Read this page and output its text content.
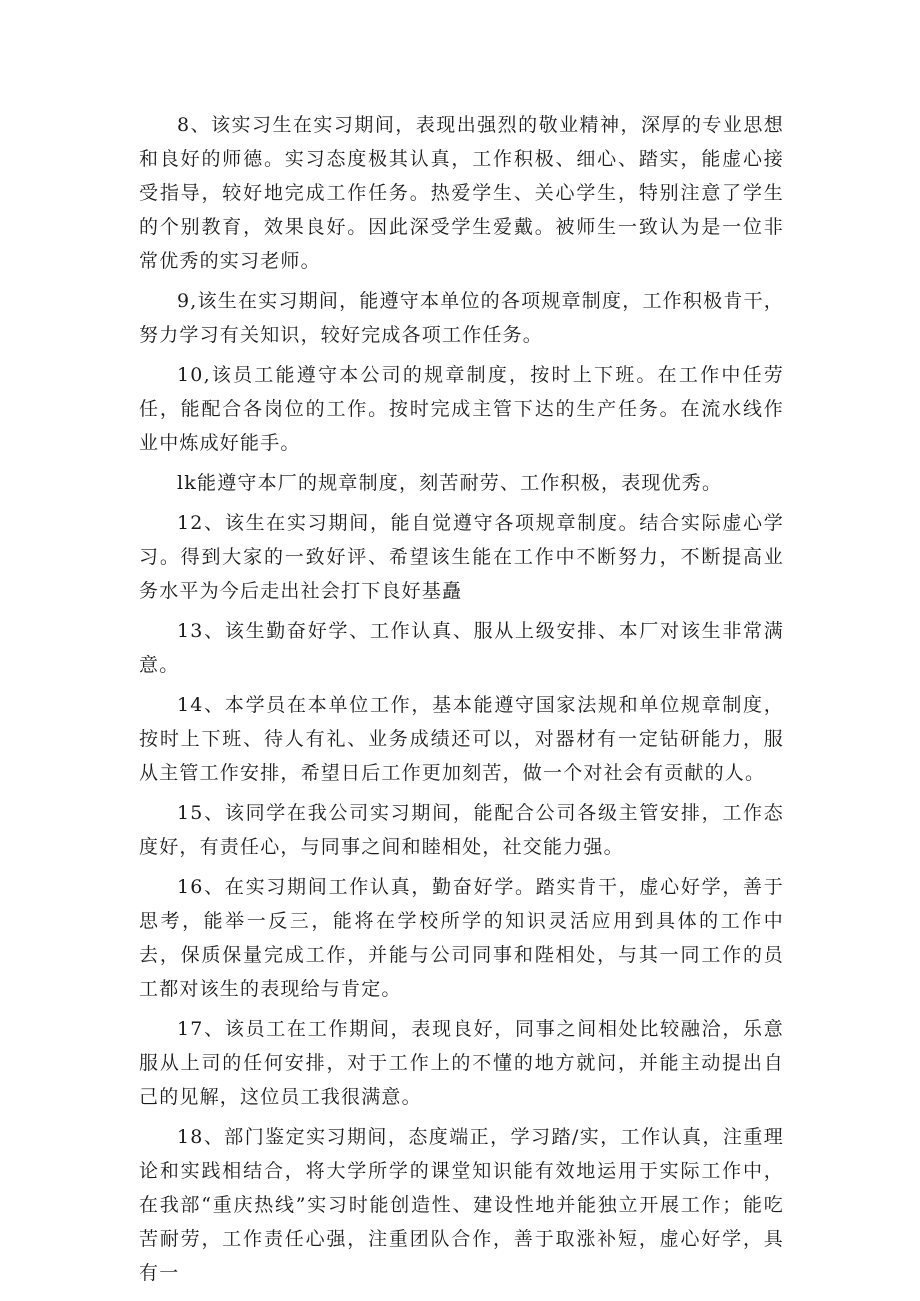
8、该实习生在实习期间，表现出强烈的敬业精神，深厚的专业思想和良好的师德。实习态度极其认真，工作积极、细心、踏实，能虚心接受指导，较好地完成工作任务。热爱学生、关心学生，特别注意了学生的个别教育，效果良好。因此深受学生爱戴。被师生一致认为是一位非常优秀的实习老师。

9,该生在实习期间，能遵守本单位的各项规章制度，工作积极肯干，努力学习有关知识，较好完成各项工作任务。

10,该员工能遵守本公司的规章制度，按时上下班。在工作中任劳任，能配合各岗位的工作。按时完成主管下达的生产任务。在流水线作业中炼成好能手。

lk能遵守本厂的规章制度，刻苦耐劳、工作积极，表现优秀。

12、该生在实习期间，能自觉遵守各项规章制度。结合实际虚心学习。得到大家的一致好评、希望该生能在工作中不断努力，不断提高业务水平为今后走出社会打下良好基矗

13、该生勤奋好学、工作认真、服从上级安排、本厂对该生非常满意。

14、本学员在本单位工作，基本能遵守国家法规和单位规章制度，按时上下班、待人有礼、业务成绩还可以，对器材有一定钻研能力，服从主管工作安排，希望日后工作更加刻苦，做一个对社会有贡献的人。

15、该同学在我公司实习期间，能配合公司各级主管安排，工作态度好，有责任心，与同事之间和睦相处，社交能力强。

16、在实习期间工作认真，勤奋好学。踏实肯干，虚心好学，善于思考，能举一反三，能将在学校所学的知识灵活应用到具体的工作中去，保质保量完成工作，并能与公司同事和陛相处，与其一同工作的员工都对该生的表现给与肯定。

17、该员工在工作期间，表现良好，同事之间相处比较融洽，乐意服从上司的任何安排，对于工作上的不懂的地方就问，并能主动提出自己的见解，这位员工我很满意。

18、部门鉴定实习期间，态度端正，学习踏/实，工作认真，注重理论和实践相结合，将大学所学的课堂知识能有效地运用于实际工作中，在我部“重庆热线”实习时能创造性、建设性地并能独立开展工作；能吃苦耐劳，工作责任心强，注重团队合作，善于取涨补短，虚心好学，具有一
